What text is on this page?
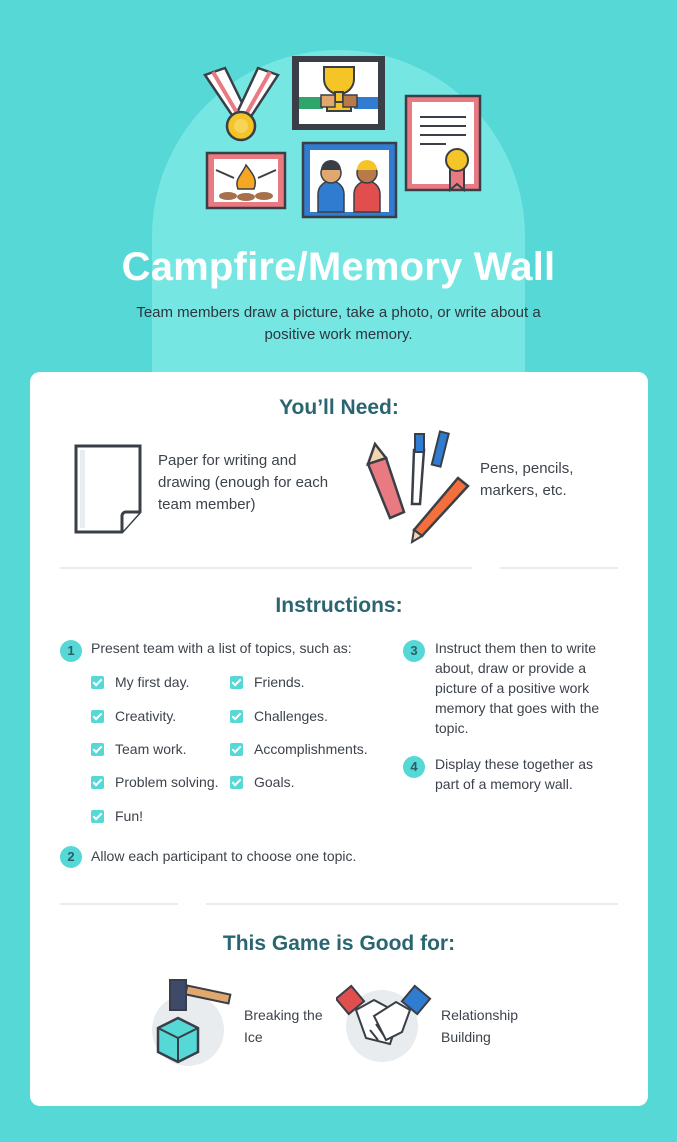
Campfire/Memory Wall
Team members draw a picture, take a photo, or write about a positive work memory.
You’ll Need:
Paper for writing and drawing (enough for each team member)
Pens, pencils, markers, etc.
Instructions:
1	Present team with a list of topics, such as:
My first day.
Creativity.
Team work.
Problem solving.
Fun!
Friends.
Challenges.
Accomplishments.
Goals.
2	Allow each participant to choose one topic.
3	Instruct them then to write about, draw or provide a picture of a positive work memory that goes with the topic.
4	Display these together as part of a memory wall.
This Game is Good for:
Breaking the Ice
Relationship Building
